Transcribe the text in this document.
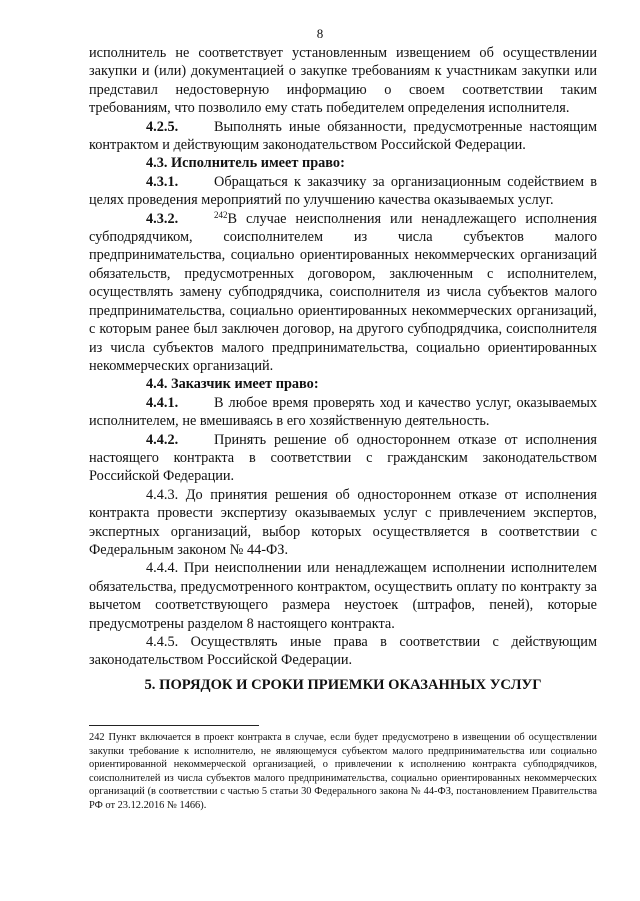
8

исполнитель не соответствует установленным извещением об осуществлении закупки и (или) документацией о закупке требованиям к участникам закупки или представил недостоверную информацию о своем соответствии таким требованиям, что позволило ему стать победителем определения исполнителя.

4.2.5.	Выполнять иные обязанности, предусмотренные настоящим контрактом и действующим законодательством Российской Федерации.

4.3. Исполнитель имеет право:

4.3.1.	Обращаться к заказчику за организационным содействием в целях проведения мероприятий по улучшению качества оказываемых услуг.

4.3.2.	$^{242}$В случае неисполнения или ненадлежащего исполнения субподрядчиком, соисполнителем из числа субъектов малого предпринимательства, социально ориентированных некоммерческих организаций обязательств, предусмотренных договором, заключенным с исполнителем, осуществлять замену субподрядчика, соисполнителя из числа субъектов малого предпринимательства, социально ориентированных некоммерческих организаций, с которым ранее был заключен договор, на другого субподрядчика, соисполнителя из числа субъектов малого предпринимательства, социально ориентированных некоммерческих организаций.

4.4. Заказчик имеет право:

4.4.1.	В любое время проверять ход и качество услуг, оказываемых исполнителем, не вмешиваясь в его хозяйственную деятельность.

4.4.2.	Принять решение об одностороннем отказе от исполнения настоящего контракта в соответствии с гражданским законодательством Российской Федерации.

4.4.3. До принятия решения об одностороннем отказе от исполнения контракта провести экспертизу оказываемых услуг с привлечением экспертов, экспертных организаций, выбор которых осуществляется в соответствии с Федеральным законом № 44-ФЗ.

4.4.4. При неисполнении или ненадлежащем исполнении исполнителем обязательства, предусмотренного контрактом, осуществить оплату по контракту за вычетом соответствующего размера неустоек (штрафов, пеней), которые предусмотрены разделом 8 настоящего контракта.

4.4.5. Осуществлять иные права в соответствии с действующим законодательством Российской Федерации.

5. ПОРЯДОК И СРОКИ ПРИЕМКИ ОКАЗАННЫХ УСЛУГ
242 Пункт включается в проект контракта в случае, если будет предусмотрено в извещении об осуществлении закупки требование к исполнителю, не являющемуся субъектом малого предпринимательства или социально ориентированной некоммерческой организацией, о привлечении к исполнению контракта субподрядчиков, соисполнителей из числа субъектов малого предпринимательства, социально ориентированных некоммерческих организаций (в соответствии с частью 5 статьи 30 Федерального закона № 44-ФЗ, постановлением Правительства РФ от 23.12.2016 № 1466).
